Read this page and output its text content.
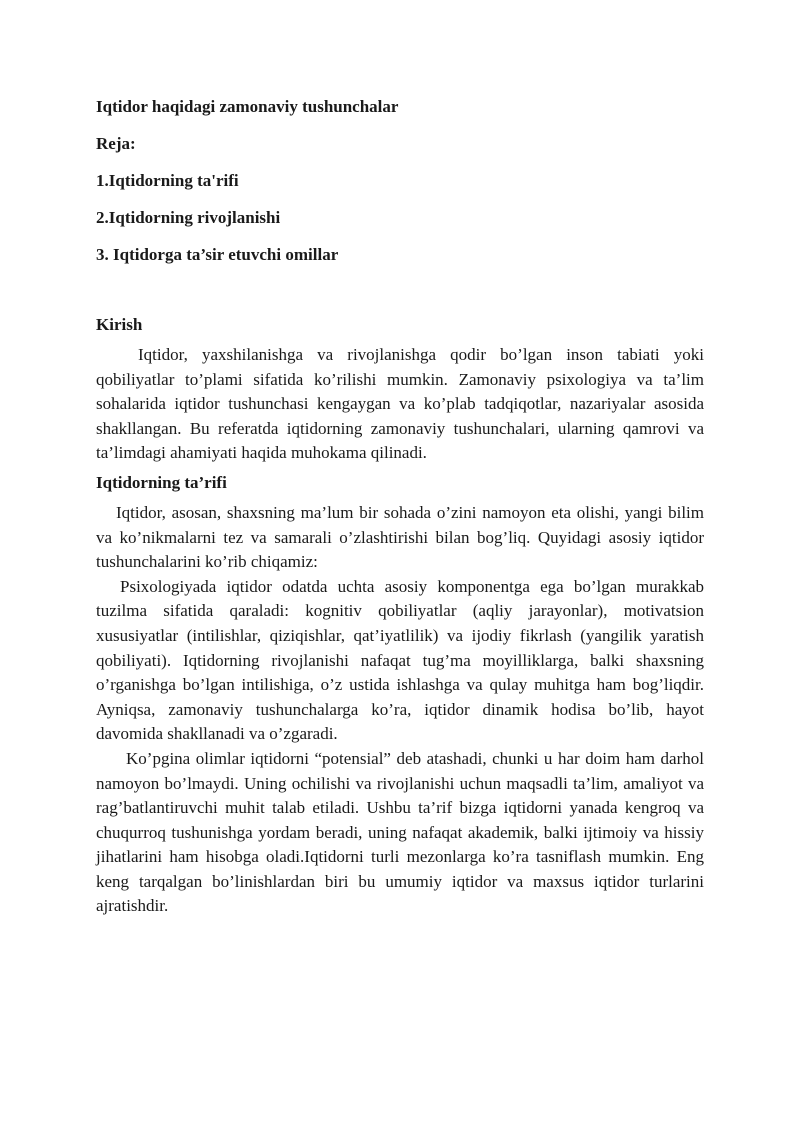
Iqtidor haqidagi zamonaviy tushunchalar
Reja:
1.Iqtidorning ta'rifi
2.Iqtidorning rivojlanishi
3. Iqtidorga ta’sir etuvchi omillar
Kirish

Iqtidor, yaxshilanishga va rivojlanishga qodir bo’lgan inson tabiati yoki qobiliyatlar to’plami sifatida ko’rilishi mumkin. Zamonaviy psixologiya va ta’lim sohalarida iqtidor tushunchasi kengaygan va ko’plab tadqiqotlar, nazariyalar asosida shakllangan. Bu referatda iqtidorning zamonaviy tushunchalari, ularning qamrovi va ta’limdagi ahamiyati haqida muhokama qilinadi.

Iqtidorning ta’rifi

Iqtidor, asosan, shaxsning ma’lum bir sohada o’zini namoyon eta olishi, yangi bilim va ko’nikmalarni tez va samarali o’zlashtirishi bilan bog’liq. Quyidagi asosiy iqtidor tushunchalarini ko’rib chiqamiz:

Psixologiyada iqtidor odatda uchta asosiy komponentga ega bo’lgan murakkab tuzilma sifatida qaraladi: kognitiv qobiliyatlar (aqliy jarayonlar), motivatsion xususiyatlar (intilishlar, qiziqishlar, qat’iyatlilik) va ijodiy fikrlash (yangilik yaratish qobiliyati). Iqtidorning rivojlanishi nafaqat tug’ma moyilliklarga, balki shaxsning o’rganishga bo’lgan intilishiga, o’z ustida ishlashga va qulay muhitga ham bog’liqdir. Ayniqsa, zamonaviy tushunchalarga ko’ra, iqtidor dinamik hodisa bo’lib, hayot davomida shakllanadi va o’zgaradi.

Ko’pgina olimlar iqtidorni “potensial” deb atashadi, chunki u har doim ham darhol namoyon bo’lmaydi. Uning ochilishi va rivojlanishi uchun maqsadli ta’lim, amaliyot va rag’batlantiruvchi muhit talab etiladi. Ushbu ta’rif bizga iqtidorni yanada kengroq va chuqurroq tushunishga yordam beradi, uning nafaqat akademik, balki ijtimoiy va hissiy jihatlarini ham hisobga oladi.Iqtidorni turli mezonlarga ko’ra tasniflash mumkin. Eng keng tarqalgan bo’linishlardan biri bu umumiy iqtidor va maxsus iqtidor turlarini ajratishdir.
